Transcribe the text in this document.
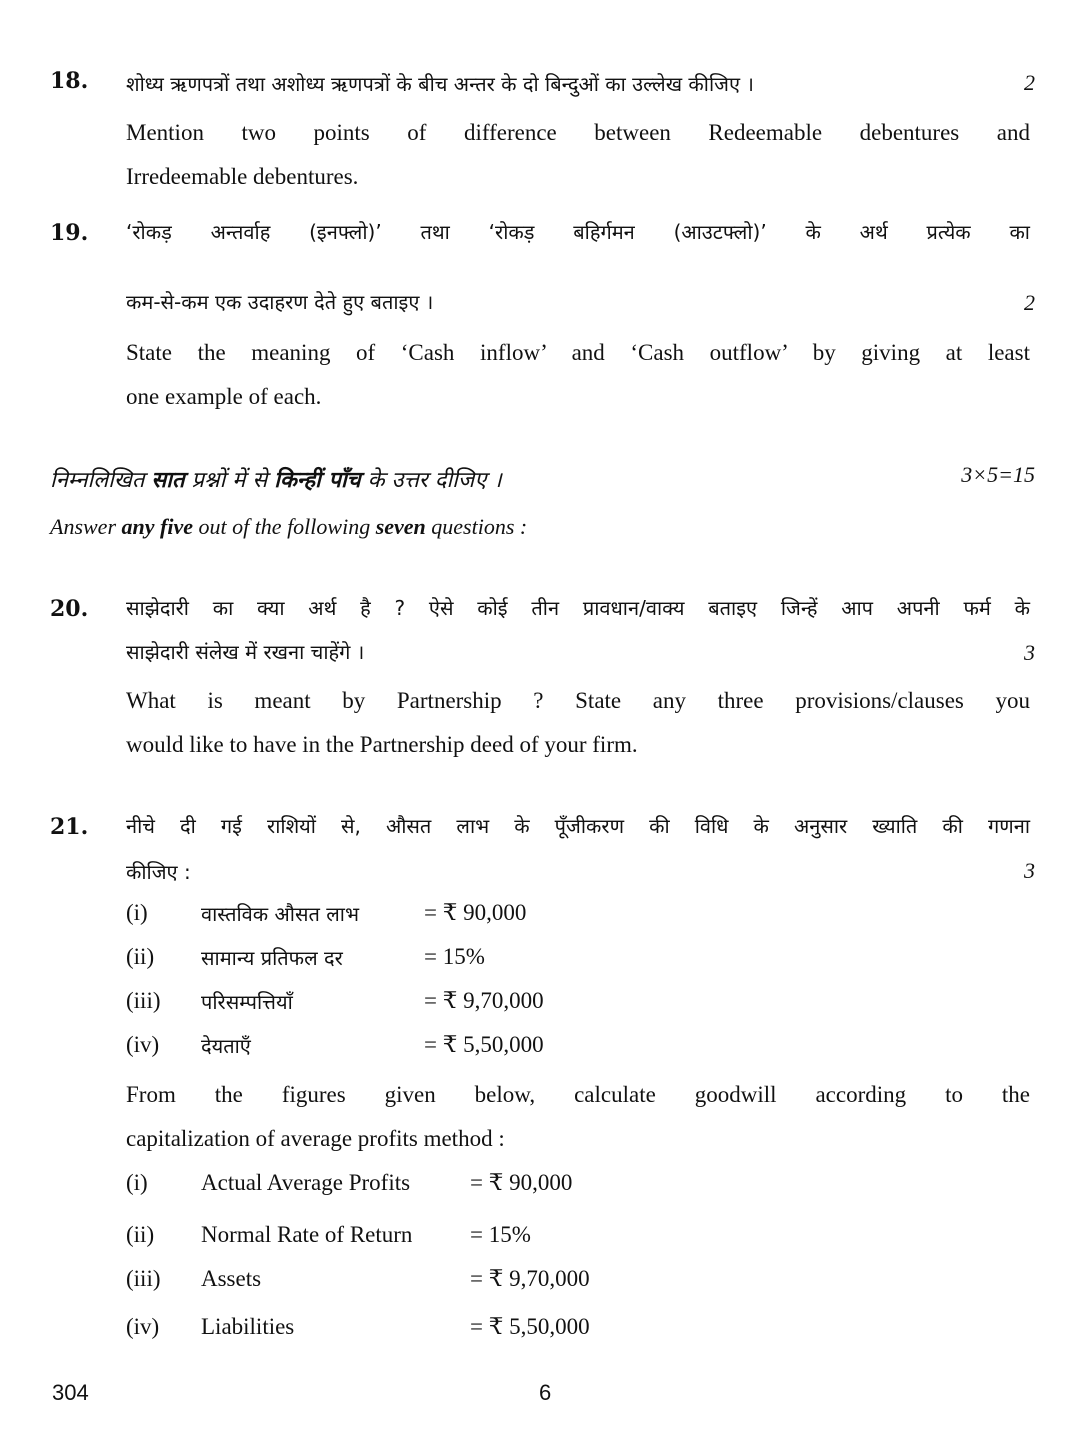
18. शोध्य ऋणपत्रों तथा अशोध्य ऋणपत्रों के बीच अन्तर के दो बिन्दुओं का उल्लेख कीजिए ।	2
Mention two points of difference between Redeemable debentures and
Irredeemable debentures.
19. ‘रोकड़ अन्तर्वाह (इनफ्लो)’ तथा ‘रोकड़ बहिर्गमन (आउटफ्लो)’ के अर्थ प्रत्येक का
कम-से-कम एक उदाहरण देते हुए बताइए ।	2
State the meaning of ‘Cash inflow’ and ‘Cash outflow’ by giving at least
one example of each.
निम्नलिखित सात प्रश्नों में से किन्हीं पाँच के उत्तर दीजिए ।	3×5=15
Answer any five out of the following seven questions :
20. साझेदारी का क्या अर्थ है ? ऐसे कोई तीन प्रावधान/वाक्य बताइए जिन्हें आप अपनी फर्म के
साझेदारी संलेख में रखना चाहेंगे ।	3
What is meant by Partnership ? State any three provisions/clauses you
would like to have in the Partnership deed of your firm.
21. नीचे दी गई राशियों से, औसत लाभ के पूँजीकरण की विधि के अनुसार ख्याति की गणना
कीजिए :	3
(i)	वास्तविक औसत लाभ	= ₹ 90,000
(ii) सामान्य प्रतिफल दर	= 15%
(iii) परिसम्पत्तियाँ	= ₹ 9,70,000
(iv) देयताएँ	= ₹ 5,50,000
From the figures given below, calculate goodwill according to the
capitalization of average profits method :
(i) Actual Average Profits	= ₹ 90,000
(ii) Normal Rate of Return	= 15%
(iii) Assets	= ₹ 9,70,000
(iv) Liabilities	= ₹ 5,50,000
304	6
